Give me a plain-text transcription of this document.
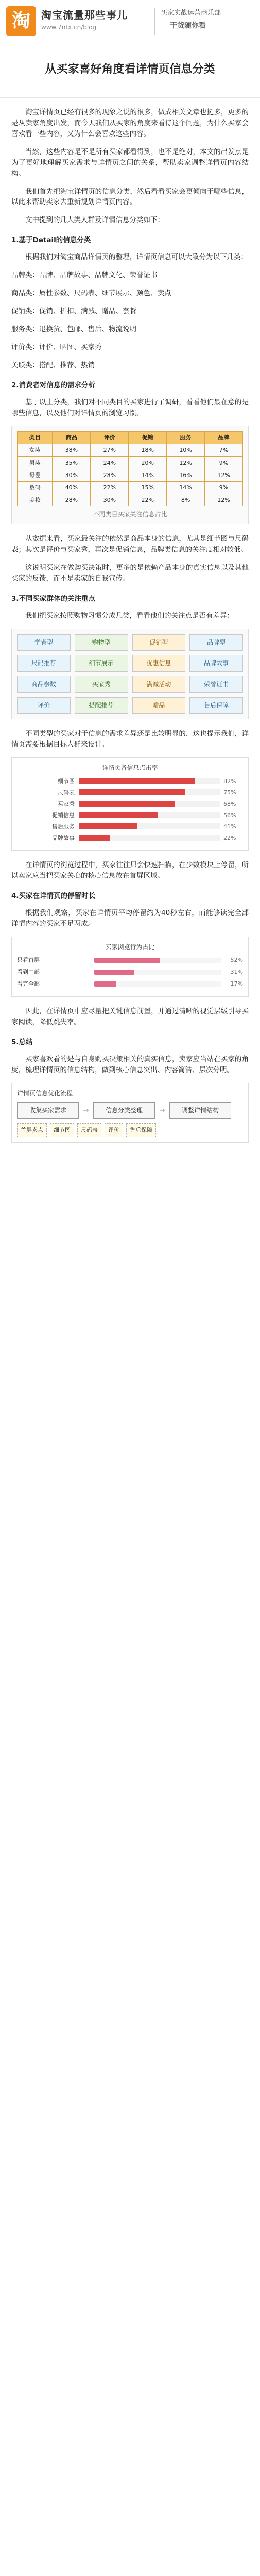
淘	淘宝流量那些事儿
www.7ntx.cn/blog
买家实战运营商乐部
干货随你看
从买家喜好角度看详情页信息分类

淘宝详情页已经有很多的现象之说的很多，做成相关文章也挺多，更多的是从卖家角度出发，而今天我们从买家的角度来看待这个问题，为什么买家会喜欢看一些内容，又为什么会喜欢这些内容。

当然，这些内容是不是所有买家都看得到，也不是绝对，本文的出发点是为了更好地理解买家需求与详情页之间的关系，帮助卖家调整详情页内容结构。

我们首先把淘宝详情页的信息分类，然后看看买家会更倾向于哪些信息，以此来帮助卖家去重新规划详情页内容。

文中提到的几大类人群及详情信息分类如下：

1.基于Detail的信息分类

根据我们对淘宝商品详情页的整理，详情页信息可以大致分为以下几类：

品牌类：品牌、品牌故事、品牌文化、荣誉证书

商品类：属性参数、尺码表、细节展示、颜色、卖点

促销类：促销、折扣、满减、赠品、套餐

服务类：退换货、包邮、售后、物流说明

评价类：评价、晒图、买家秀

关联类：搭配、推荐、热销

2.消费者对信息的需求分析

基于以上分类，我们对不同类目的买家进行了调研，看看他们最在意的是哪些信息，以及他们对详情页的浏览习惯。

类目	商品	评价	促销	服务	品牌
女装	38%	27%	18%	10%	7%
男装	35%	24%	20%	12%	9%
母婴	30%	28%	14%	16%	12%
数码	40%	22%	15%	14%	9%
美妆	28%	30%	22%	8%	12%
不同类目买家关注信息占比

从数据来看，买家最关注的依然是商品本身的信息，尤其是细节图与尺码表；其次是评价与买家秀，再次是促销信息，品牌类信息的关注度相对较低。

这说明买家在做购买决策时，更多的是依赖产品本身的真实信息以及其他买家的反馈，而不是卖家的自我宣传。

3.不同买家群体的关注重点

我们把买家按照购物习惯分成几类，看看他们的关注点是否有差异：

学者型	购物型	促销型	品牌型
尺码推荐	细节展示	优惠信息	品牌故事
商品参数	买家秀	满减活动	荣誉证书
评价	搭配推荐	赠品	售后保障

不同类型的买家对于信息的需求差异还是比较明显的，这也提示我们，详情页需要根据目标人群来设计。

详情页各信息点击率
细节图	82%
尺码表	75%
买家秀	68%
促销信息	56%
售后服务	41%
品牌故事	22%

在详情页的浏览过程中，买家往往只会快速扫描，在少数模块上停留，所以卖家应当把买家关心的核心信息放在首屏区域。

4.买家在详情页的停留时长

根据我们观察，买家在详情页平均停留约为40秒左右，而能够读完全部详情内容的买家不足两成。

买家浏览行为占比
只看首屏	52%
看到中部	31%
看完全部	17%

因此，在详情页中应尽量把关键信息前置，并通过清晰的视觉层级引导买家阅读，降低跳失率。

5.总结

买家喜欢看的是与自身购买决策相关的真实信息，卖家应当站在买家的角度，梳理详情页的信息结构，做到核心信息突出、内容简洁、层次分明。

详情页信息优化流程
收集买家需求	→	信息分类整理	→	调整详情结构
首屏卖点	细节图	尺码表	评价	售后保障
